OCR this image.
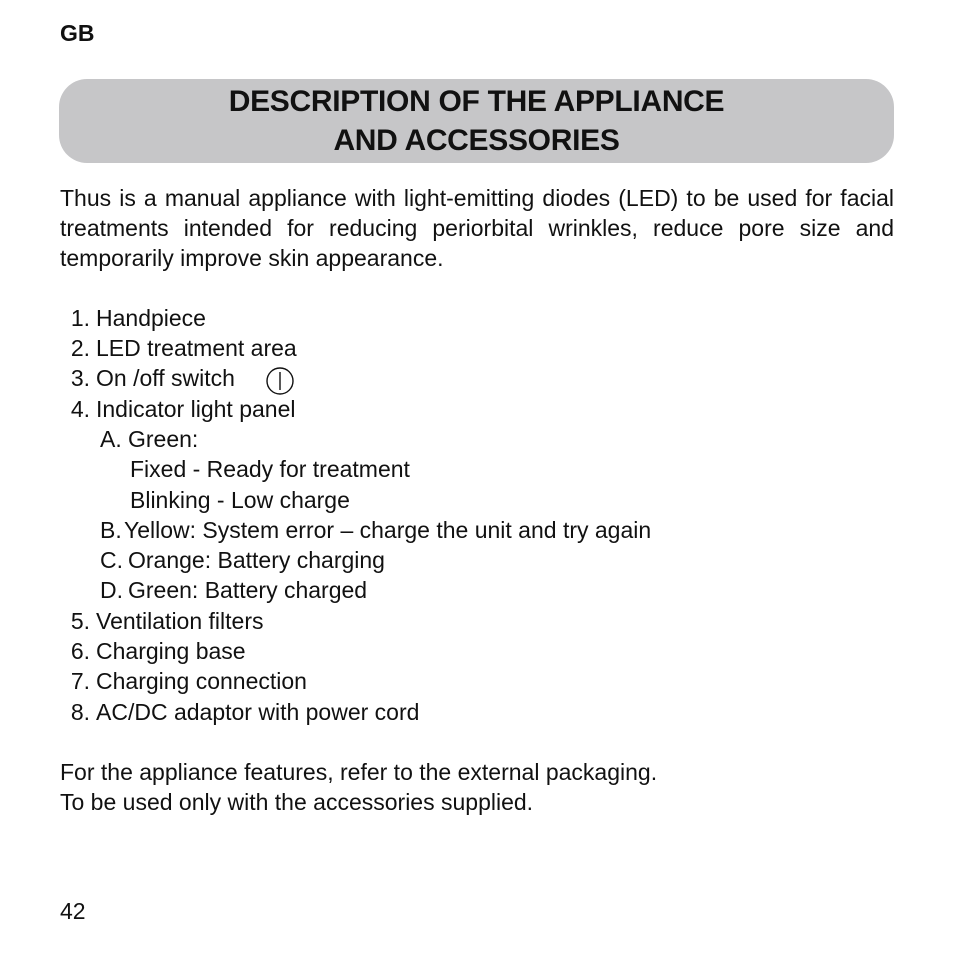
GB
DESCRIPTION OF THE APPLIANCE
AND ACCESSORIES
Thus is a manual appliance with light-emitting diodes (LED) to be used for facial treatments intended for reducing periorbital wrinkles, reduce pore size and temporarily improve skin appearance.
1. Handpiece
2. LED treatment area
3. On /off switch
4. Indicator light panel
A. Green:
Fixed - Ready for treatment
Blinking - Low charge
B. Yellow: System error – charge the unit and try again
C. Orange: Battery charging
D. Green: Battery charged
5. Ventilation filters
6. Charging base
7. Charging connection
8. AC/DC adaptor with power cord
For the appliance features, refer to the external packaging.
To be used only with the accessories supplied.
42
